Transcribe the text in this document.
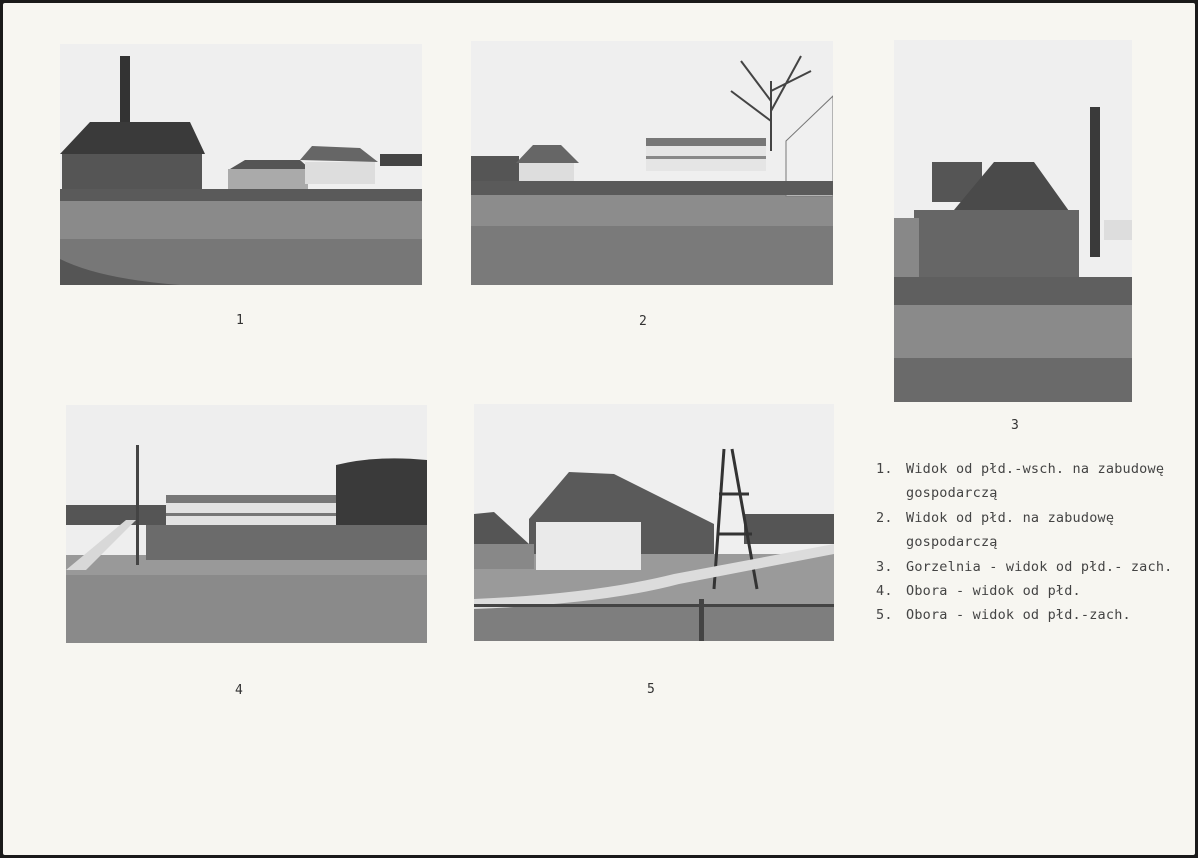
1	2
3
4	5
1. Widok od płd.-wsch. na zabudowę gospodarczą
2. Widok od płd. na zabudowę gospodarczą
3. Gorzelnia - widok od płd.- zach.
4. Obora - widok od płd.
5. Obora - widok od płd.-zach.
